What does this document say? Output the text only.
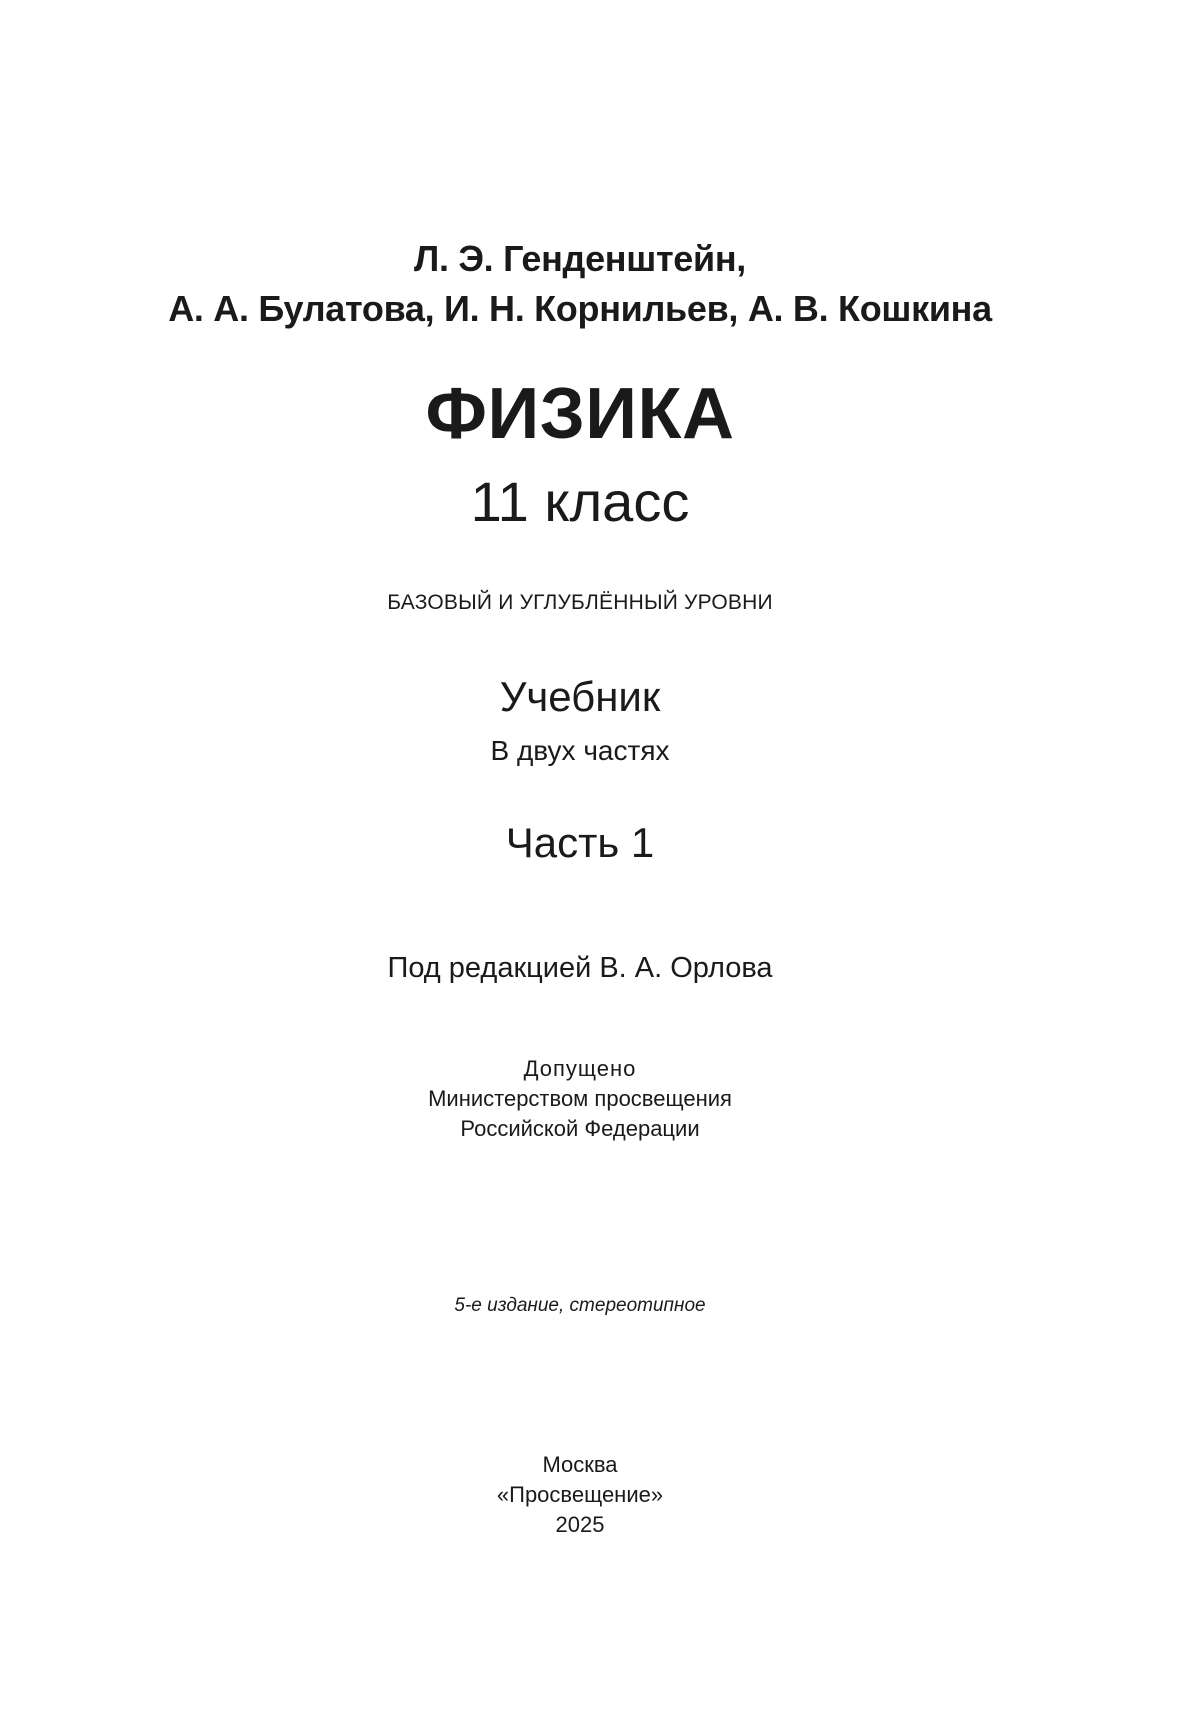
Л. Э. Генденштейн,

А. А. Булатова, И. Н. Корнильев, А. В. Кошкина

ФИЗИКА

11 класс

БАЗОВЫЙ И УГЛУБЛЁННЫЙ УРОВНИ

Учебник

В двух частях

Часть 1

Под редакцией В. А. Орлова

Допущено

Министерством просвещения

Российской Федерации

5-е издание, стереотипное

Москва

«Просвещение»

2025
